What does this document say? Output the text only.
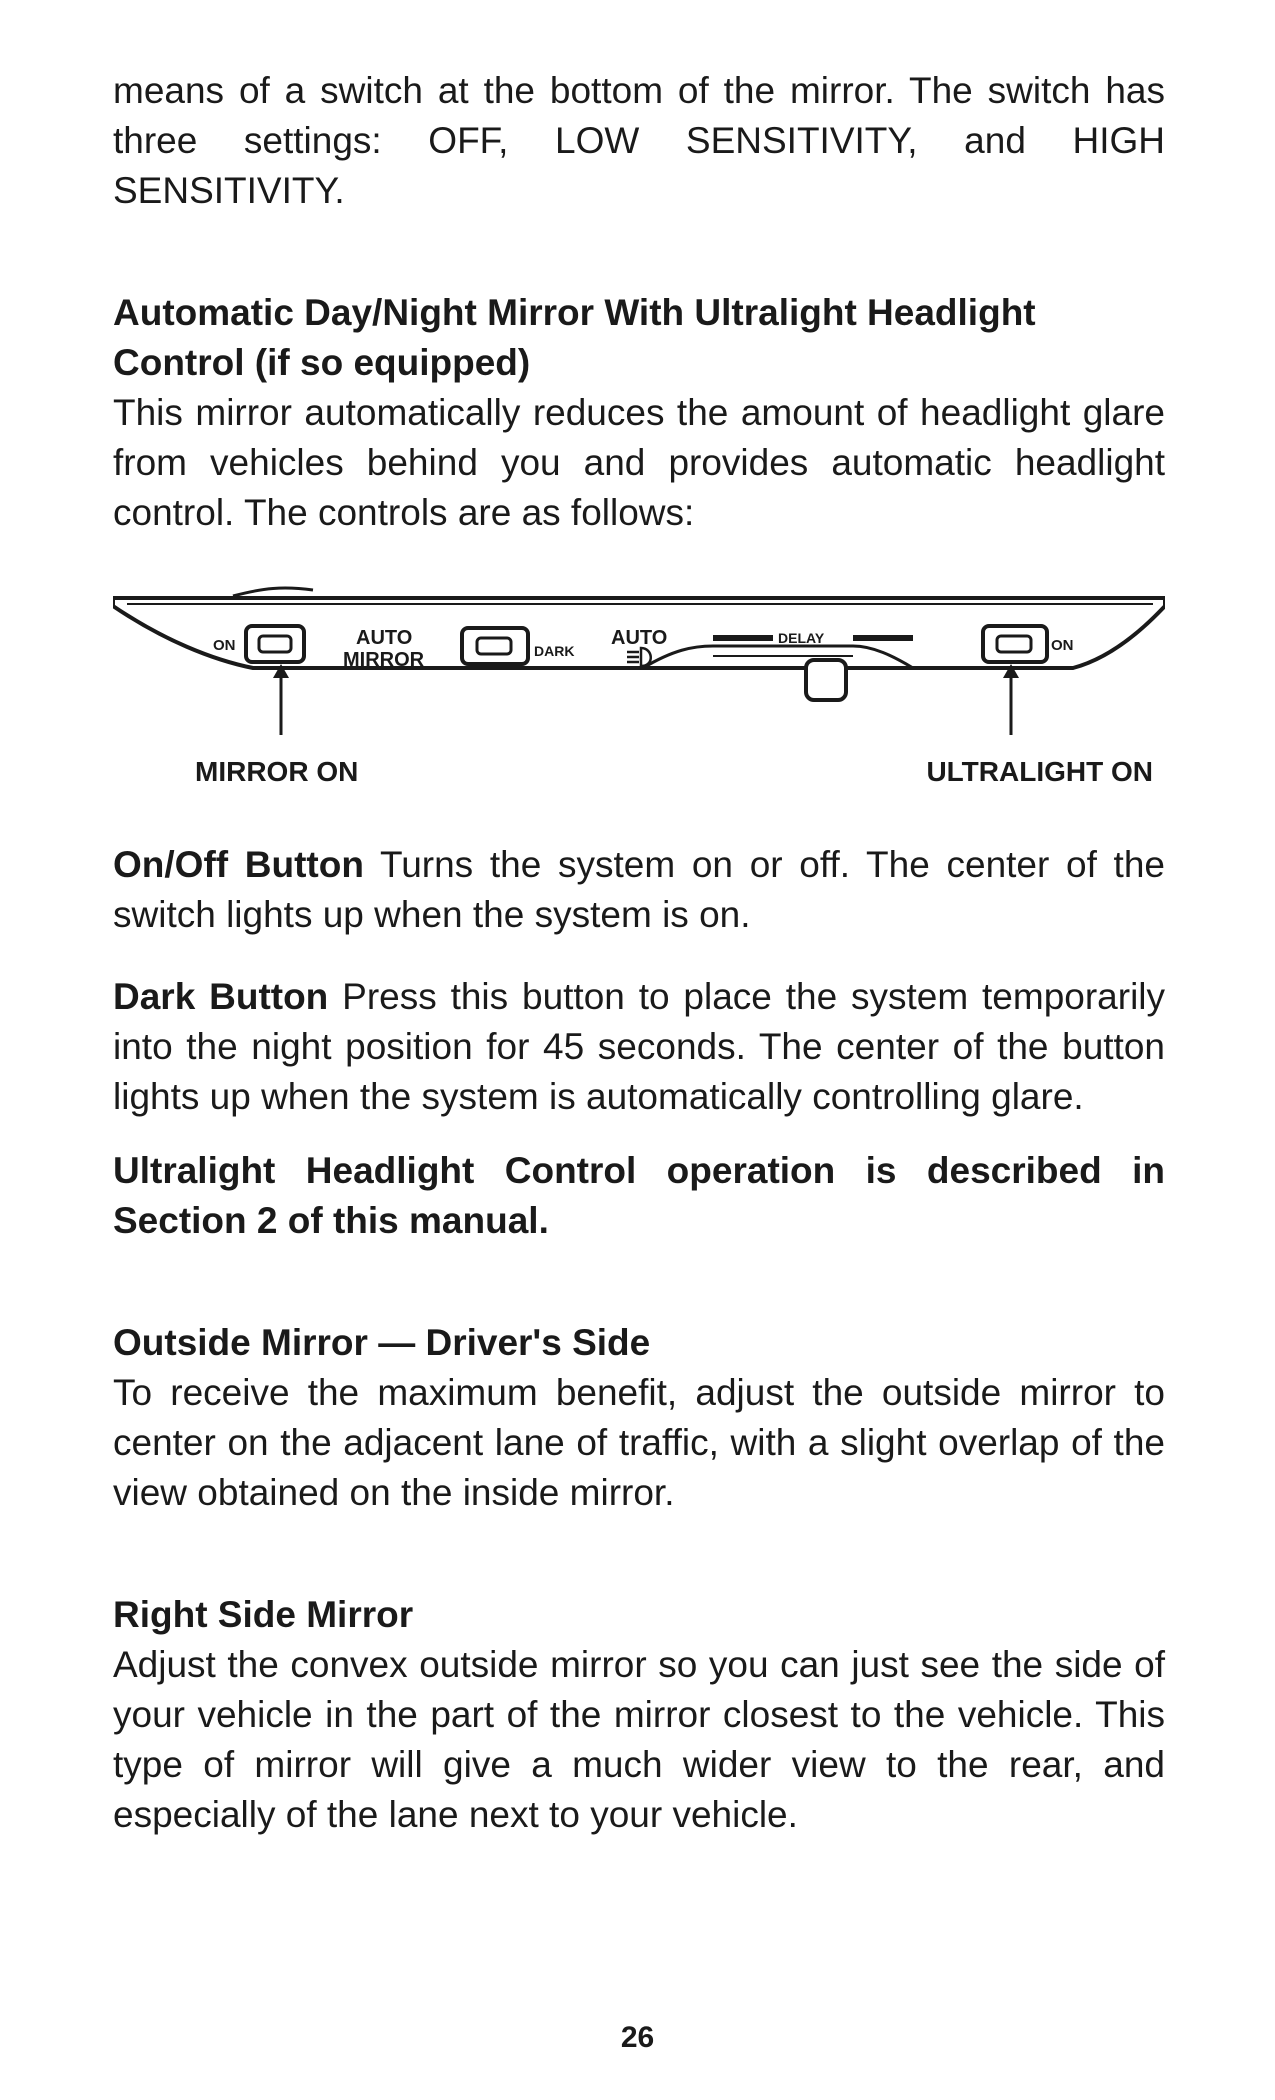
means of a switch at the bottom of the mirror. The switch has three settings: OFF, LOW SENSITIVITY, and HIGH SENSITIVITY.

Automatic Day/Night Mirror With Ultralight Headlight Control (if so equipped)

This mirror automatically reduces the amount of headlight glare from vehicles behind you and provides automatic headlight control. The controls are as follows:

ON	AUTO
MIRROR	DARK
AUTO	DELAY	ON
MIRROR ON	ULTRALIGHT ON

On/Off Button Turns the system on or off. The center of the switch lights up when the system is on.

Dark Button Press this button to place the system temporarily into the night position for 45 seconds. The center of the button lights up when the system is automatically controlling glare.

Ultralight Headlight Control operation is described in Section 2 of this manual.

Outside Mirror — Driver's Side

To receive the maximum benefit, adjust the outside mirror to center on the adjacent lane of traffic, with a slight overlap of the view obtained on the inside mirror.

Right Side Mirror

Adjust the convex outside mirror so you can just see the side of your vehicle in the part of the mirror closest to the vehicle. This type of mirror will give a much wider view to the rear, and especially of the lane next to your vehicle.

26
